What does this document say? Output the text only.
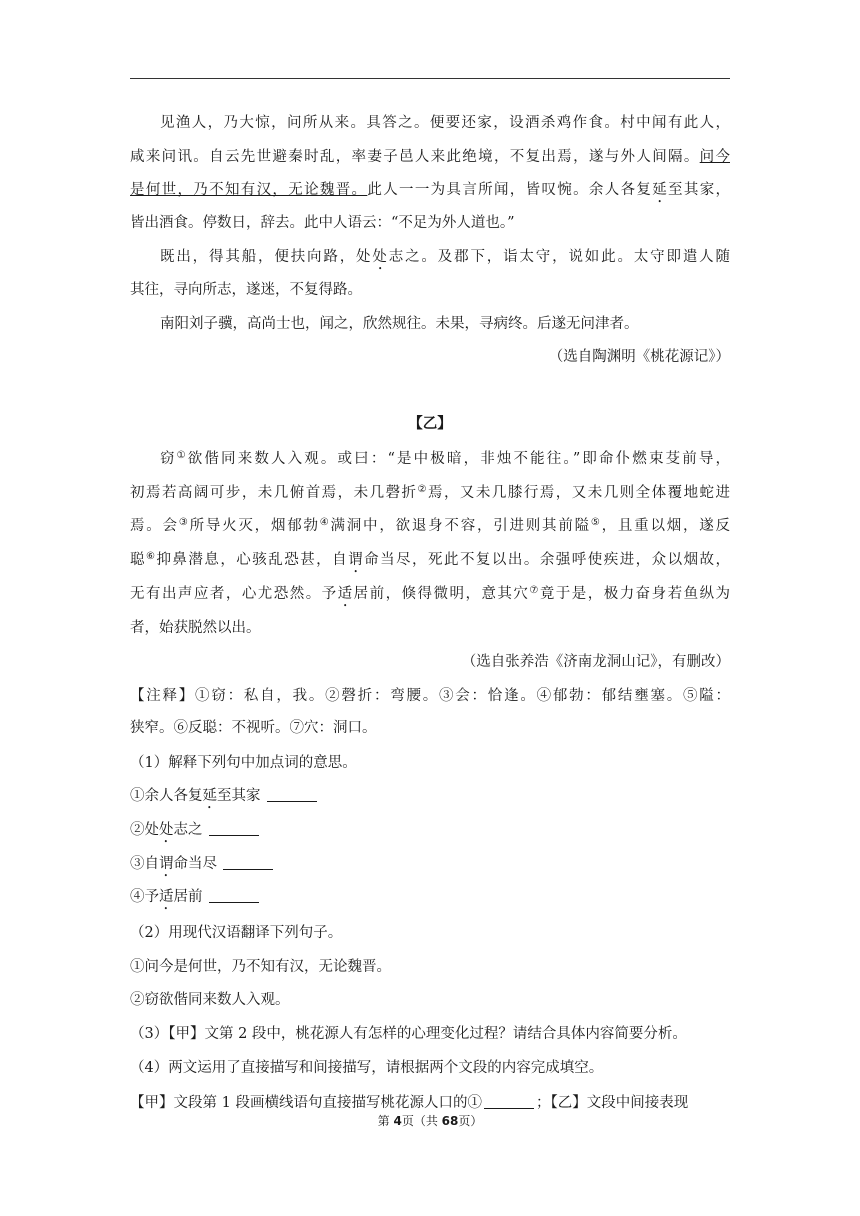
见渔人，乃大惊，问所从来。具答之。便要还家，设酒杀鸡作食。村中闻有此人，
咸来问讯。自云先世避秦时乱，率妻子邑人来此绝境，不复出焉，遂与外人间隔。问今
是何世，乃不知有汉，无论魏晋。此人一一为具言所闻，皆叹惋。余人各复延至其家，
皆出酒食。停数日，辞去。此中人语云：“不足为外人道也。”
既出，得其船，便扶向路，处处志之。及郡下，诣太守，说如此。太守即遣人随
其往，寻向所志，遂迷，不复得路。
南阳刘子骥，高尚士也，闻之，欣然规往。未果，寻病终。后遂无问津者。
（选自陶渊明《桃花源记》）
【乙】
窃①欲偕同来数人入观。或曰：“是中极暗，非烛不能往。”即命仆燃束芟前导，
初焉若高阔可步，未几俯首焉，未几磬折②焉，又未几膝行焉，又未几则全体覆地蛇进
焉。会③所导火灭，烟郁勃④满洞中，欲退身不容，引进则其前隘⑤，且重以烟，遂反
聪⑥抑鼻潜息，心骇乱恐甚，自谓命当尽，死此不复以出。余强呼使疾进，众以烟故，
无有出声应者，心尤恐然。予适居前，倏得微明，意其穴⑦竟于是，极力奋身若鱼纵为
者，始获脱然以出。
（选自张养浩《济南龙洞山记》，有删改）
【注释】①窃：私自，我。②磬折：弯腰。③会：恰逢。④郁勃：郁结壅塞。⑤隘：
狭窄。⑥反聪：不视听。⑦穴：洞口。
（1）解释下列句中加点词的意思。
①余人各复延至其家
②处处志之
③自谓命当尽
④予适居前
（2）用现代汉语翻译下列句子。
①问今是何世，乃不知有汉，无论魏晋。
②窃欲偕同来数人入观。
（3）【甲】文第 2 段中，桃花源人有怎样的心理变化过程？请结合具体内容简要分析。
（4）两文运用了直接描写和间接描写，请根据两个文段的内容完成填空。
【甲】文段第 1 段画横线语句直接描写桃花源人口的①	；【乙】文段中间接表现
第 4页（共 68页）
